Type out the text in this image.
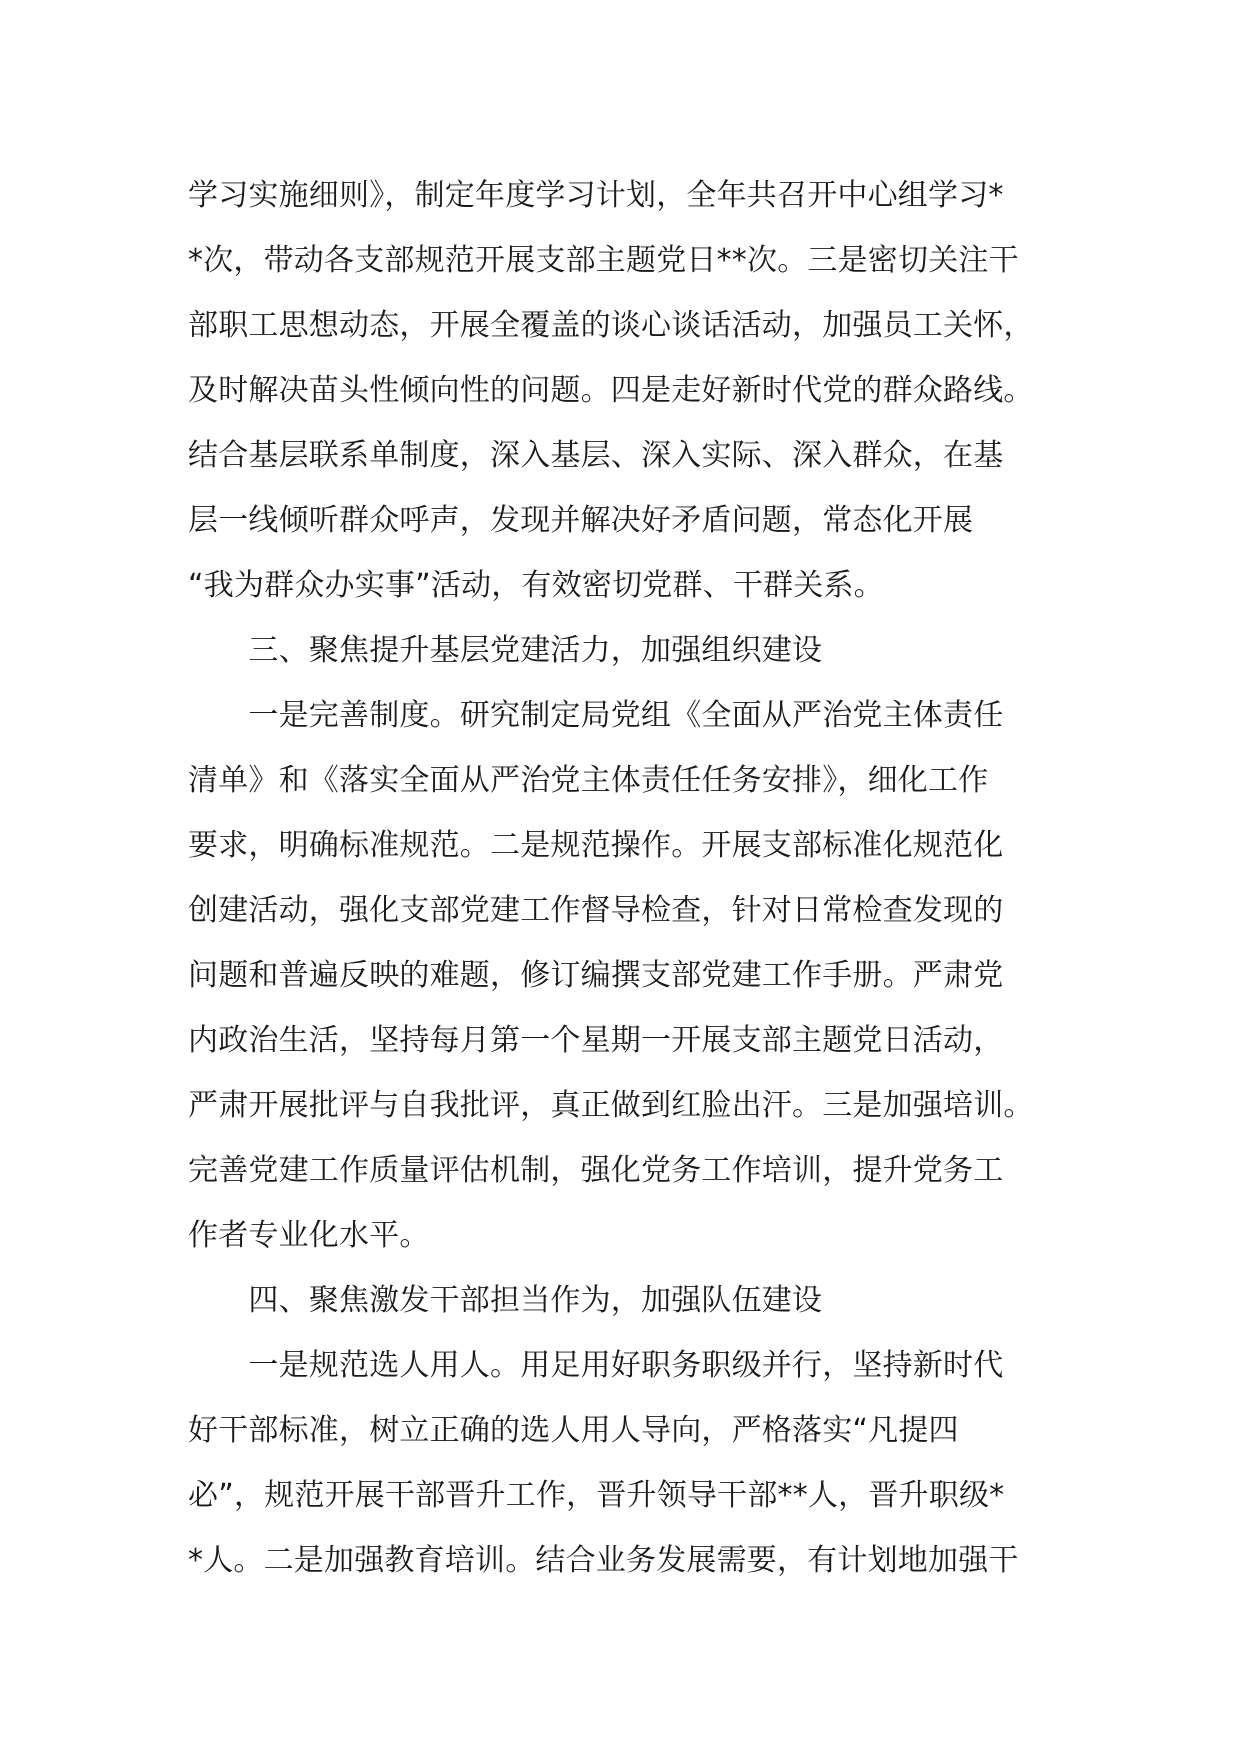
学习实施细则》，制定年度学习计划，全年共召开中心组学习*
*次，带动各支部规范开展支部主题党日**次。三是密切关注干
部职工思想动态，开展全覆盖的谈心谈话活动，加强员工关怀，
及时解决苗头性倾向性的问题。四是走好新时代党的群众路线。
结合基层联系单制度，深入基层、深入实际、深入群众，在基
层一线倾听群众呼声，发现并解决好矛盾问题，常态化开展
“我为群众办实事”活动，有效密切党群、干群关系。
　　三、聚焦提升基层党建活力，加强组织建设
　　一是完善制度。研究制定局党组《全面从严治党主体责任
清单》和《落实全面从严治党主体责任任务安排》，细化工作
要求，明确标准规范。二是规范操作。开展支部标准化规范化
创建活动，强化支部党建工作督导检查，针对日常检查发现的
问题和普遍反映的难题，修订编撰支部党建工作手册。严肃党
内政治生活，坚持每月第一个星期一开展支部主题党日活动，
严肃开展批评与自我批评，真正做到红脸出汗。三是加强培训。
完善党建工作质量评估机制，强化党务工作培训，提升党务工
作者专业化水平。
　　四、聚焦激发干部担当作为，加强队伍建设
　　一是规范选人用人。用足用好职务职级并行，坚持新时代
好干部标准，树立正确的选人用人导向，严格落实“凡提四
必”，规范开展干部晋升工作，晋升领导干部**人，晋升职级*
*人。二是加强教育培训。结合业务发展需要，有计划地加强干
